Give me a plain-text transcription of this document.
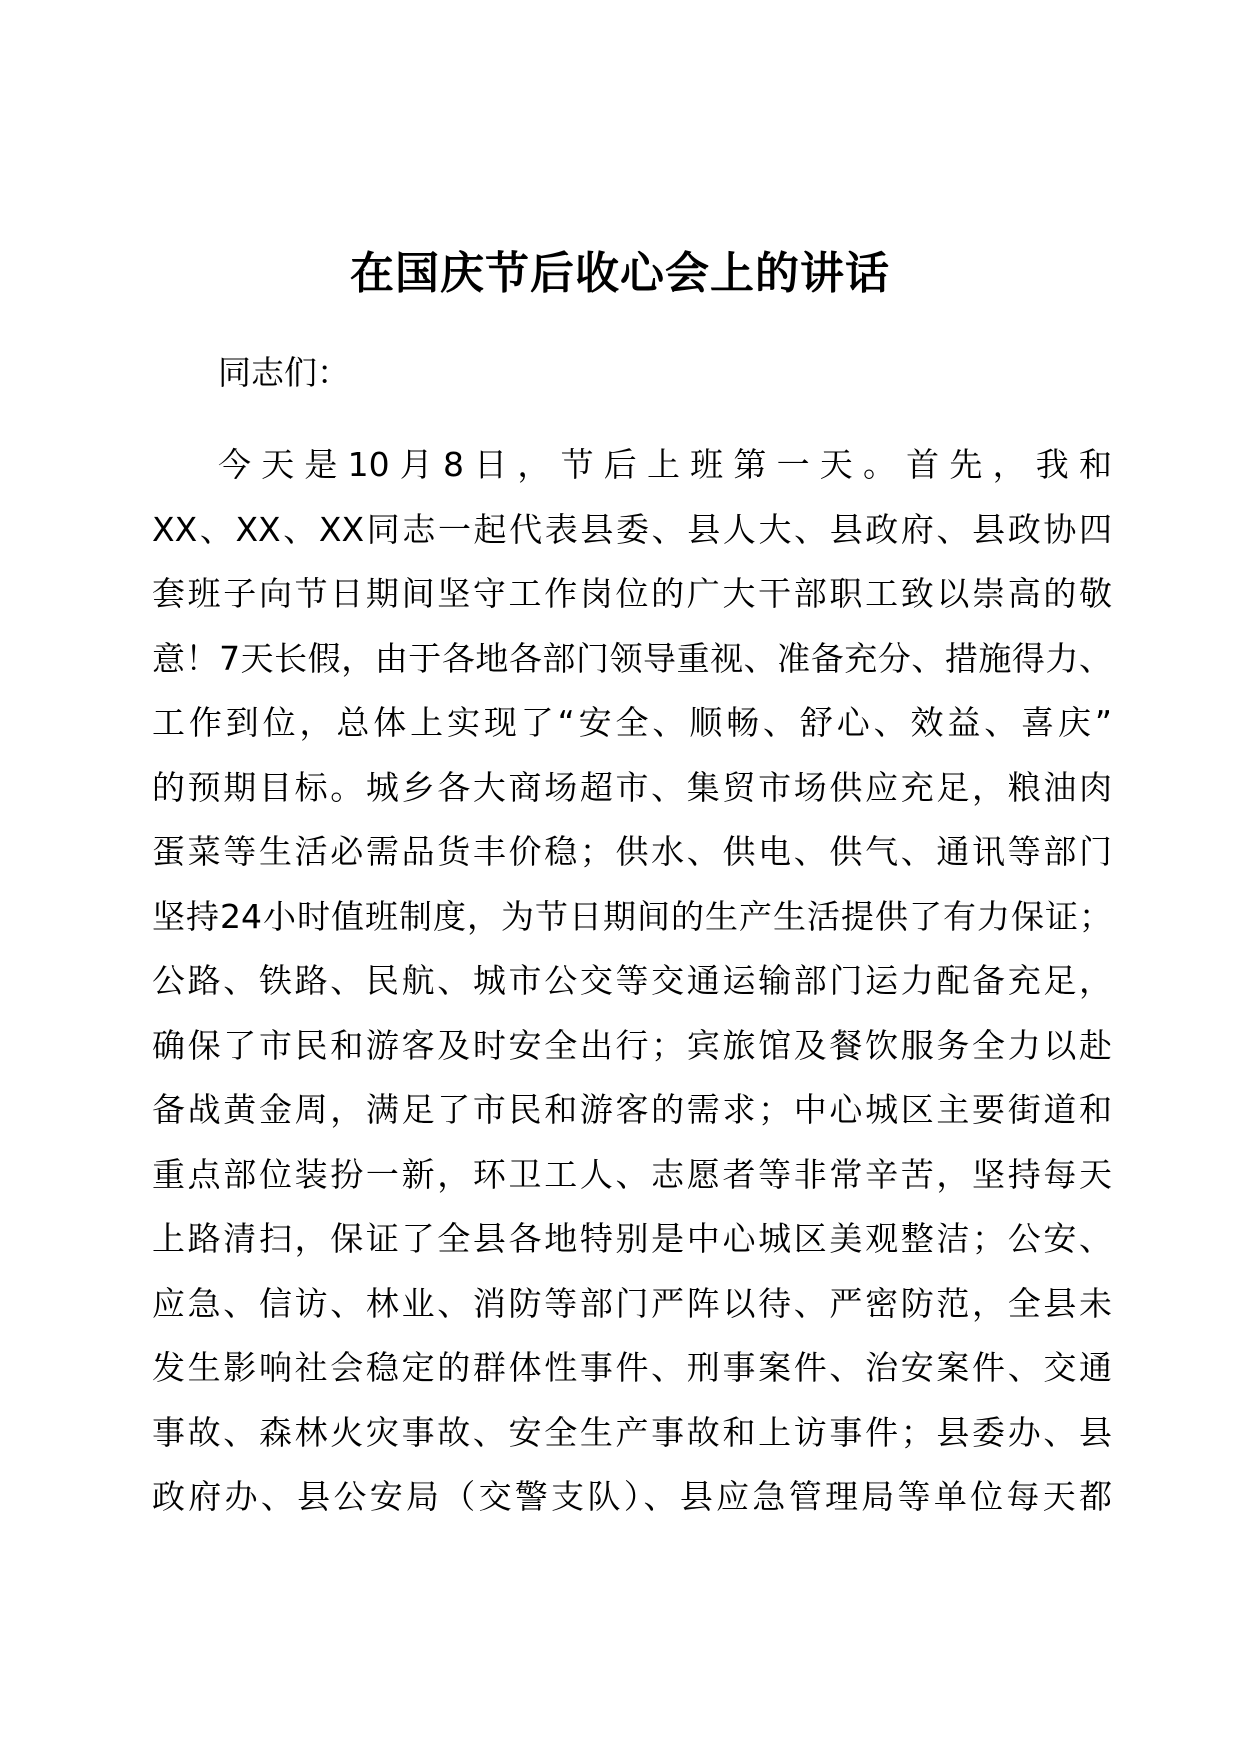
在国庆节后收心会上的讲话
同志们：
今天是10月8日，节后上班第一天。首先，我和
XX、XX、XX同志一起代表县委、县人大、县政府、县政协四
套班子向节日期间坚守工作岗位的广大干部职工致以崇高的敬
意！7天长假，由于各地各部门领导重视、准备充分、措施得力、
工作到位，总体上实现了“安全、顺畅、舒心、效益、喜庆”
的预期目标。城乡各大商场超市、集贸市场供应充足，粮油肉
蛋菜等生活必需品货丰价稳；供水、供电、供气、通讯等部门
坚持24小时值班制度，为节日期间的生产生活提供了有力保证；
公路、铁路、民航、城市公交等交通运输部门运力配备充足，
确保了市民和游客及时安全出行；宾旅馆及餐饮服务全力以赴
备战黄金周，满足了市民和游客的需求；中心城区主要街道和
重点部位装扮一新，环卫工人、志愿者等非常辛苦，坚持每天
上路清扫，保证了全县各地特别是中心城区美观整洁；公安、
应急、信访、林业、消防等部门严阵以待、严密防范，全县未
发生影响社会稳定的群体性事件、刑事案件、治安案件、交通
事故、森林火灾事故、安全生产事故和上访事件；县委办、县
政府办、县公安局（交警支队）、县应急管理局等单位每天都
